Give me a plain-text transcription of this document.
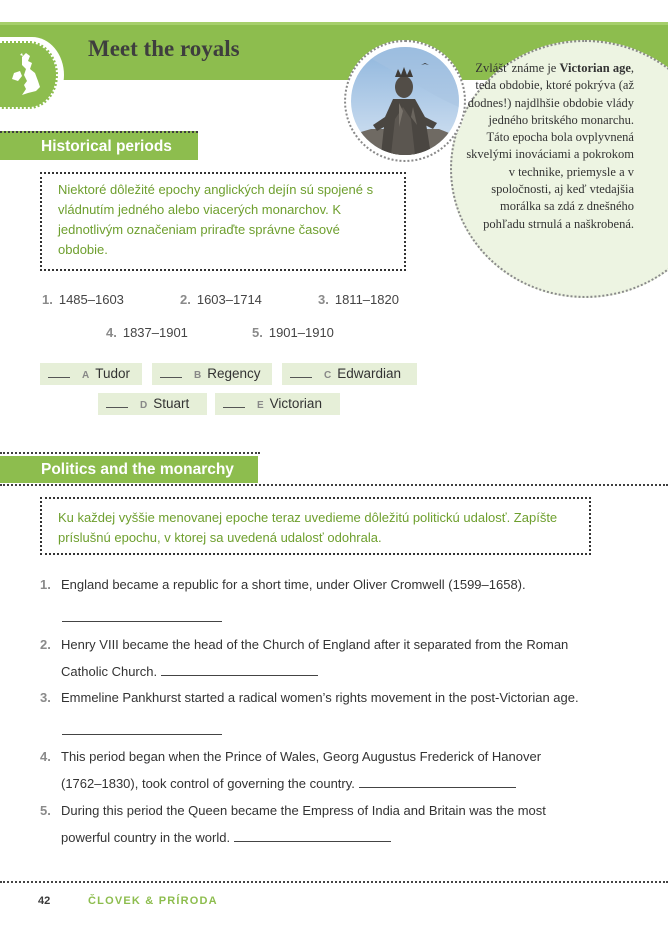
Zvlášť známe je Victorian age, teda obdobie, ktoré pokrýva (až dodnes!) najdlhšie obdobie vlády jedného britského monarchu. Táto epocha bola ovplyvnená skvelými inováciami a pokrokom v technike, priemysle a v spoločnosti, aj keď vtedajšia morálka sa zdá z dnešného pohľadu strnulá a naškrobená.
Meet the royals
Historical periods
Niektoré dôležité epochy anglických dejín sú spojené s vládnutím jedného alebo viacerých monarchov. K jednotlivým označeniam priraďte správne časové obdobie.
1. 1485–1603	2. 1603–1714	3. 1811–1820
4. 1837–1901	5. 1901–1910
A Tudor	B Regency	C Edwardian
D Stuart	E Victorian
Politics and the monarchy
Ku každej vyššie menovanej epoche teraz uvedieme dôležitú politickú udalosť. Zapíšte príslušnú epochu, v ktorej sa uvedená udalosť odohrala.
1. England became a republic for a short time, under Oliver Cromwell (1599–1658).
2. Henry VIII became the head of the Church of England after it separated from the Roman
Catholic Church.
3. Emmeline Pankhurst started a radical women’s rights movement in the post-Victorian age.
4. This period began when the Prince of Wales, Georg Augustus Frederick of Hanover
(1762–1830), took control of governing the country.
5. During this period the Queen became the Empress of India and Britain was the most
powerful country in the world.
42	ČLOVEK & PRÍRODA
